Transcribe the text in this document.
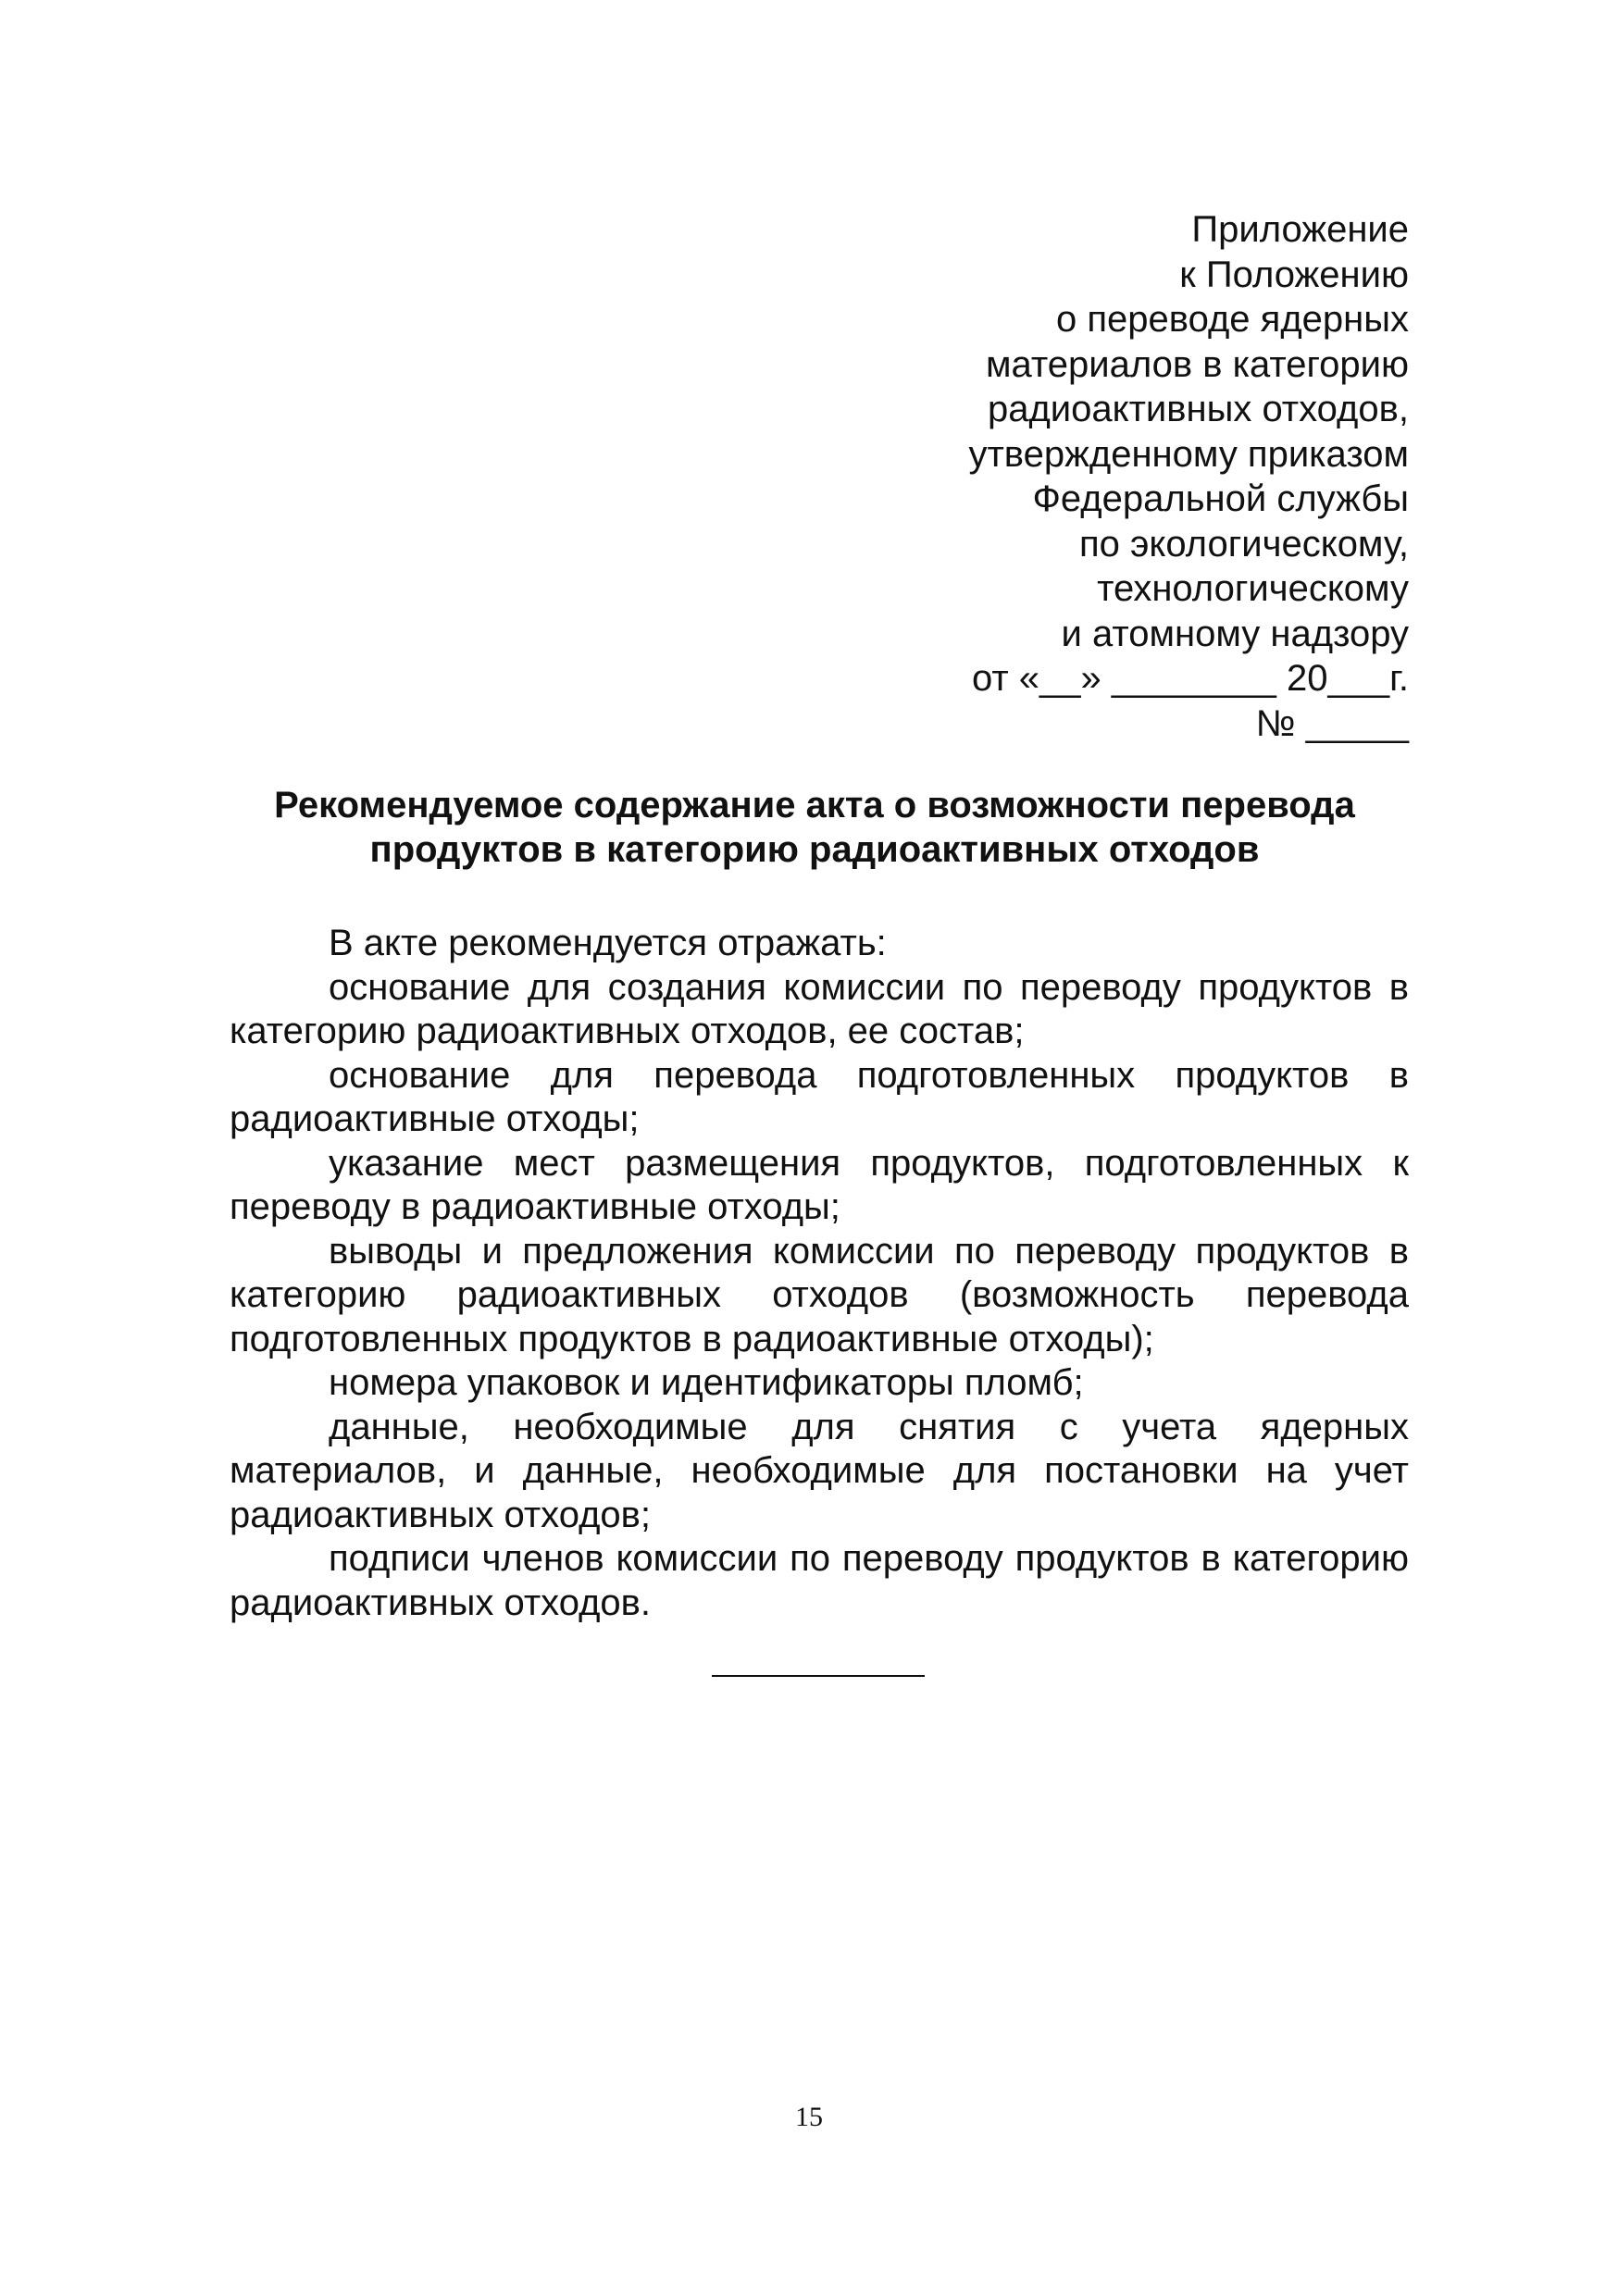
Приложение
к Положению
о переводе ядерных
материалов в категорию
радиоактивных отходов,
утвержденному приказом
Федеральной службы
по экологическому,
технологическому
и атомному надзору
от «__» ________ 20___г.
№ _____
Рекомендуемое содержание акта о возможности перевода
продуктов в категорию радиоактивных отходов

В акте рекомендуется отражать:

основание для создания комиссии по переводу продуктов в категорию радиоактивных отходов, ее состав;

основание для перевода подготовленных продуктов в радиоактивные отходы;

указание мест размещения продуктов, подготовленных к переводу в радиоактивные отходы;

выводы и предложения комиссии по переводу продуктов в категорию радиоактивных отходов (возможность перевода подготовленных продуктов в радиоактивные отходы);

номера упаковок и идентификаторы пломб;

данные, необходимые для снятия с учета ядерных материалов, и данные, необходимые для постановки на учет радиоактивных отходов;

подписи членов комиссии по переводу продуктов в категорию радиоактивных отходов.

15
